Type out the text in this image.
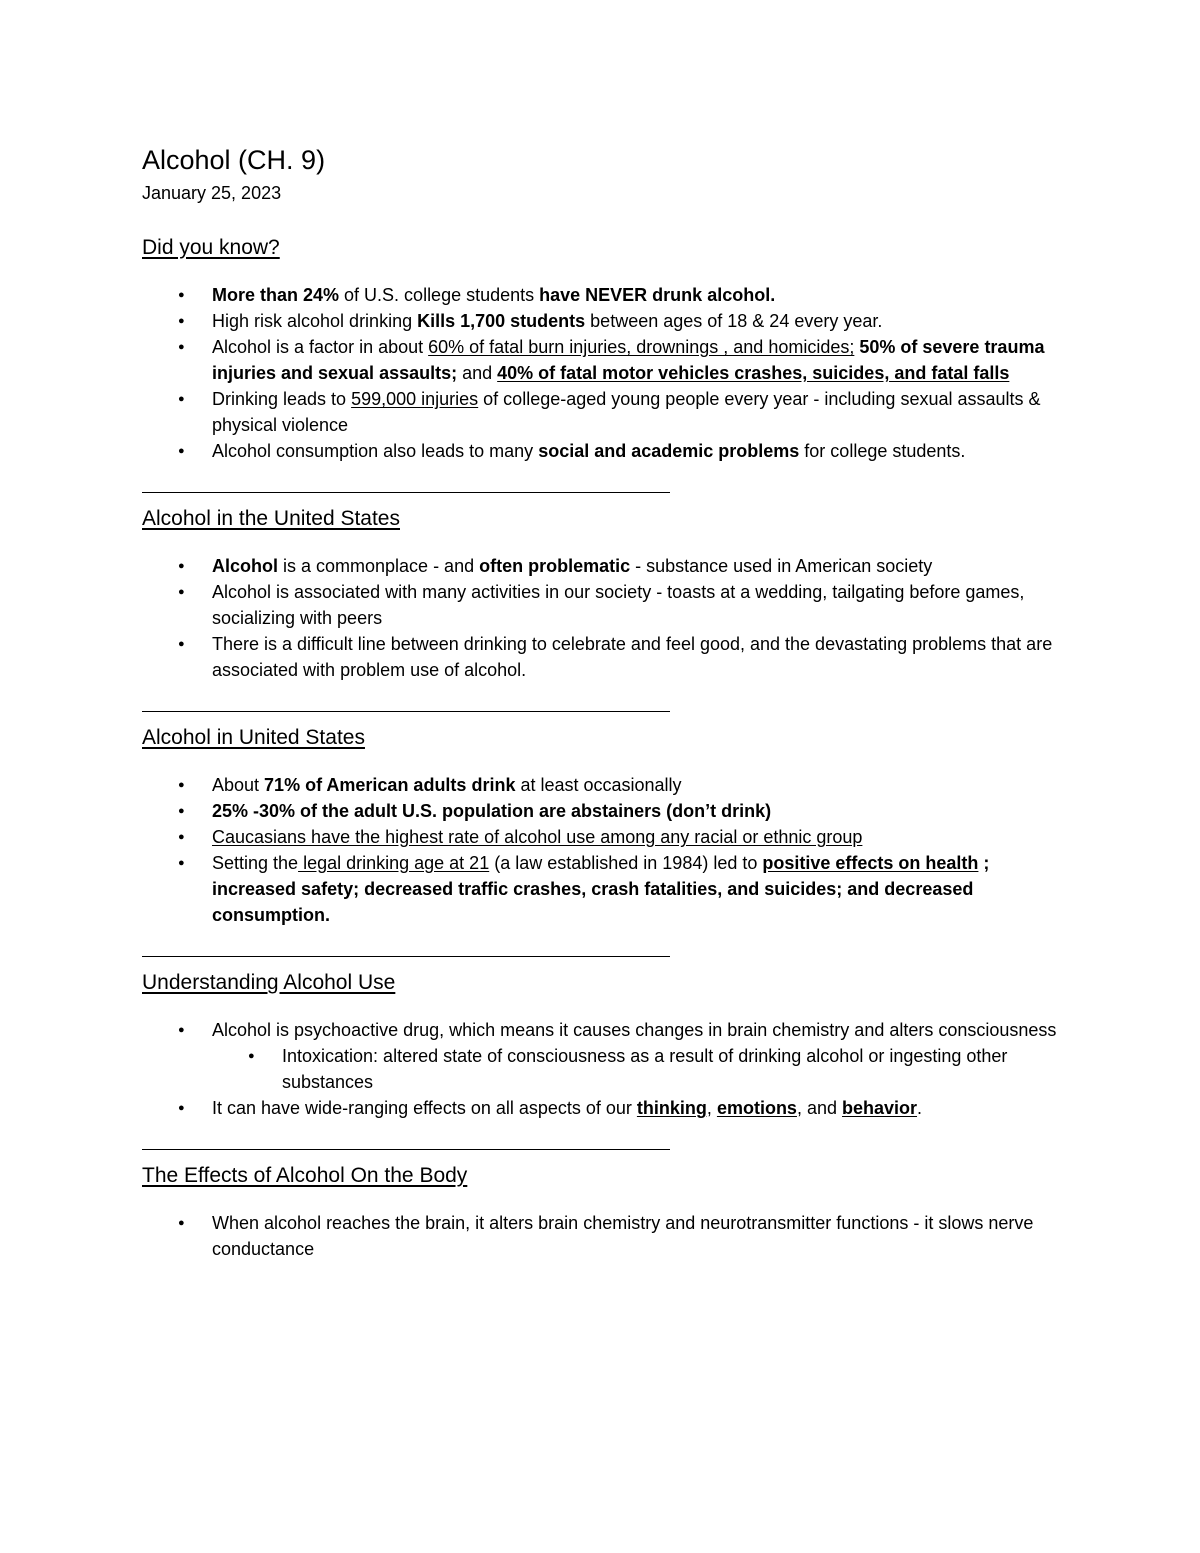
Alcohol (CH. 9)

January 25, 2023

Did you know?
● More than 24% of U.S. college students have NEVER drunk alcohol.
● High risk alcohol drinking Kills 1,700 students between ages of 18 & 24 every year.
● Alcohol is a factor in about 60% of fatal burn injuries, drownings , and homicides; 50% of severe trauma injuries and sexual assaults; and 40% of fatal motor vehicles crashes, suicides, and fatal falls
● Drinking leads to 599,000 injuries of college-aged young people every year - including sexual assaults & physical violence
● Alcohol consumption also leads to many social and academic problems for college students.
Alcohol in the United States
● Alcohol is a commonplace - and often problematic - substance used in American society
● Alcohol is associated with many activities in our society - toasts at a wedding, tailgating before games, socializing with peers
● There is a difficult line between drinking to celebrate and feel good, and the devastating problems that are associated with problem use of alcohol.
Alcohol in United States
● About 71% of American adults drink at least occasionally
● 25% -30% of the adult U.S. population are abstainers (don’t drink)
● Caucasians have the highest rate of alcohol use among any racial or ethnic group
● Setting the legal drinking age at 21 (a law established in 1984) led to positive effects on health ; increased safety; decreased traffic crashes, crash fatalities, and suicides; and decreased consumption.
Understanding Alcohol Use
● Alcohol is psychoactive drug, which means it causes changes in brain chemistry and alters consciousness
● Intoxication: altered state of consciousness as a result of drinking alcohol or ingesting other substances
● It can have wide-ranging effects on all aspects of our thinking, emotions, and behavior.
The Effects of Alcohol On the Body
● When alcohol reaches the brain, it alters brain chemistry and neurotransmitter functions - it slows nerve conductance
